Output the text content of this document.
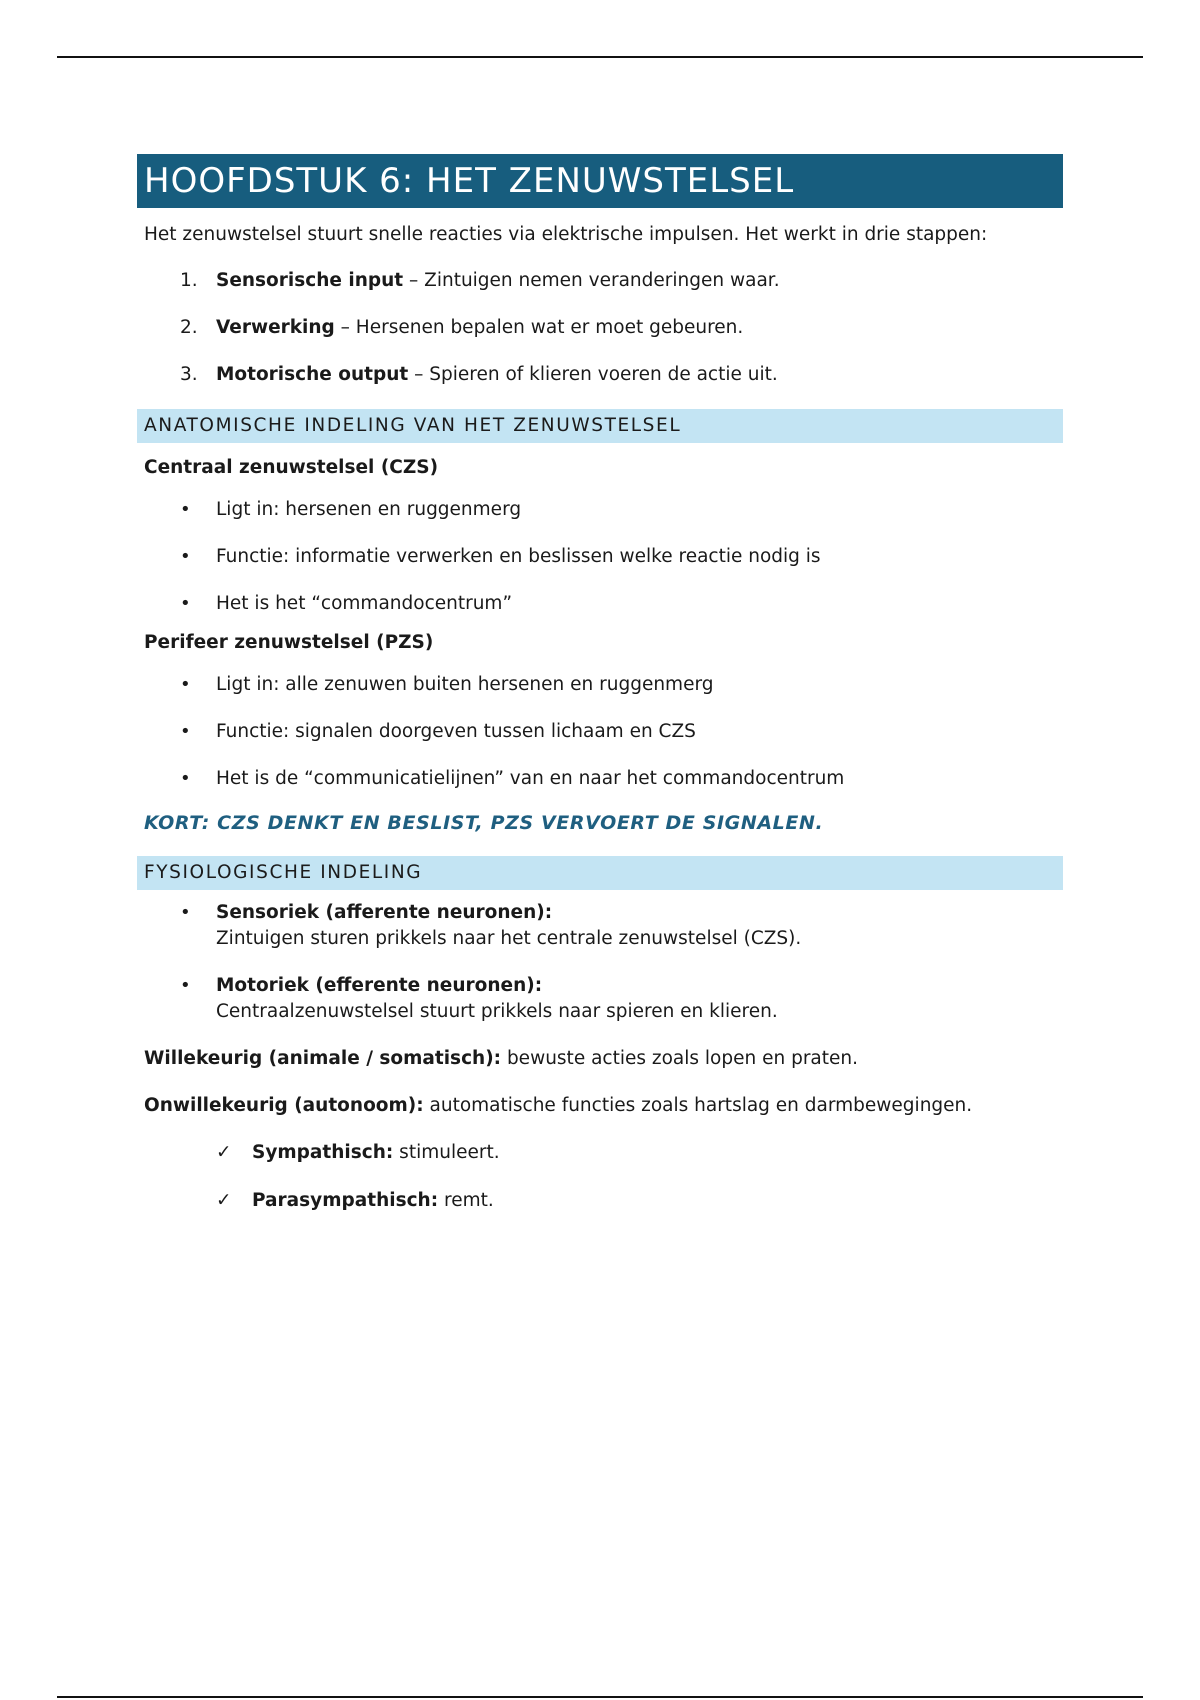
HOOFDSTUK 6: HET ZENUWSTELSEL

Het zenuwstelsel stuurt snelle reacties via elektrische impulsen. Het werkt in drie stappen:

1. Sensorische input – Zintuigen nemen veranderingen waar.
2. Verwerking – Hersenen bepalen wat er moet gebeuren.
3. Motorische output – Spieren of klieren voeren de actie uit.
ANATOMISCHE INDELING VAN HET ZENUWSTELSEL
Centraal zenuwstelsel (CZS)
• Ligt in: hersenen en ruggenmerg
• Functie: informatie verwerken en beslissen welke reactie nodig is
• Het is het “commandocentrum”
Perifeer zenuwstelsel (PZS)
• Ligt in: alle zenuwen buiten hersenen en ruggenmerg
• Functie: signalen doorgeven tussen lichaam en CZS
• Het is de “communicatielijnen” van en naar het commandocentrum
KORT: CZS DENKT EN BESLIST, PZS VERVOERT DE SIGNALEN.
FYSIOLOGISCHE INDELING
• Sensoriek (afferente neuronen):
Zintuigen sturen prikkels naar het centrale zenuwstelsel (CZS).
• Motoriek (efferente neuronen):
Centraalzenuwstelsel stuurt prikkels naar spieren en klieren.

Willekeurig (animale / somatisch): bewuste acties zoals lopen en praten.

Onwillekeurig (autonoom): automatische functies zoals hartslag en darmbewegingen.

✓ Sympathisch: stimuleert.
✓ Parasympathisch: remt.
